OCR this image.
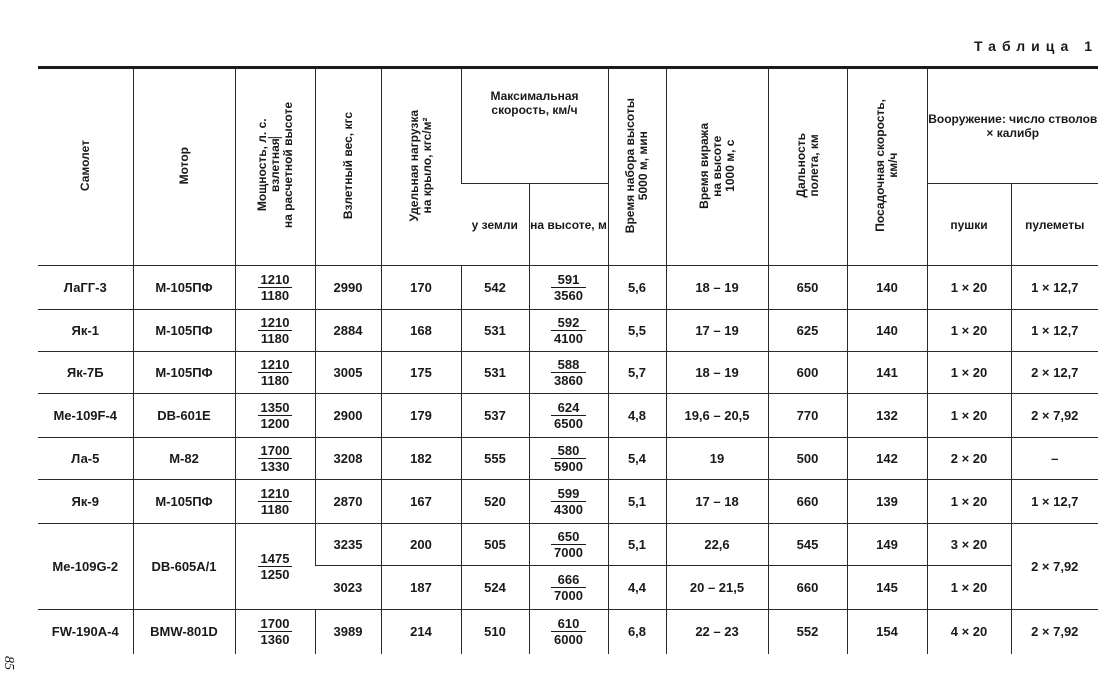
Таблица 1
85
Самолет	Мотор	Мощность, л. с.
взлетная
на расчетной высоте	Взлетный вес, кгс	Удельная нагрузка
на крыло, кгс/м²	Максимальная скорость, км/ч		Время набора высоты
5000 м, мин	Время виража
на высоте
1000 м, с	Дальность
полета, км	Посадочная скорость,
км/ч	Вооружение: число стволов × калибр	
					у земли	на высоте, м					пушки	пулеметы
ЛаГГ-3	М-105ПФ	$\frac{1210}{1180}$	2990	170	542	$\frac{591}{3560}$	5,6	18 – 19	650	140	1 × 20	1 × 12,7
Як-1	М-105ПФ	$\frac{1210}{1180}$	2884	168	531	$\frac{592}{4100}$	5,5	17 – 19	625	140	1 × 20	1 × 12,7
Як-7Б	М-105ПФ	$\frac{1210}{1180}$	3005	175	531	$\frac{588}{3860}$	5,7	18 – 19	600	141	1 × 20	2 × 12,7
Ме-109F-4	DB-601E	$\frac{1350}{1200}$	2900	179	537	$\frac{624}{6500}$	4,8	19,6 – 20,5	770	132	1 × 20	2 × 7,92
Ла-5	М-82	$\frac{1700}{1330}$	3208	182	555	$\frac{580}{5900}$	5,4	19	500	142	2 × 20	–
Як-9	М-105ПФ	$\frac{1210}{1180}$	2870	167	520	$\frac{599}{4300}$	5,1	17 – 18	660	139	1 × 20	1 × 12,7
Ме-109G-2	DB-605A/1	$\frac{1475}{1250}$	3235	200	505	$\frac{650}{7000}$	5,1	22,6	545	149	3 × 20	2 × 7,92
			3023	187	524	$\frac{666}{7000}$	4,4	20 – 21,5	660	145	1 × 20	
FW-190A-4	BMW-801D	$\frac{1700}{1360}$	3989	214	510	$\frac{610}{6000}$	6,8	22 – 23	552	154	4 × 20	2 × 7,92
